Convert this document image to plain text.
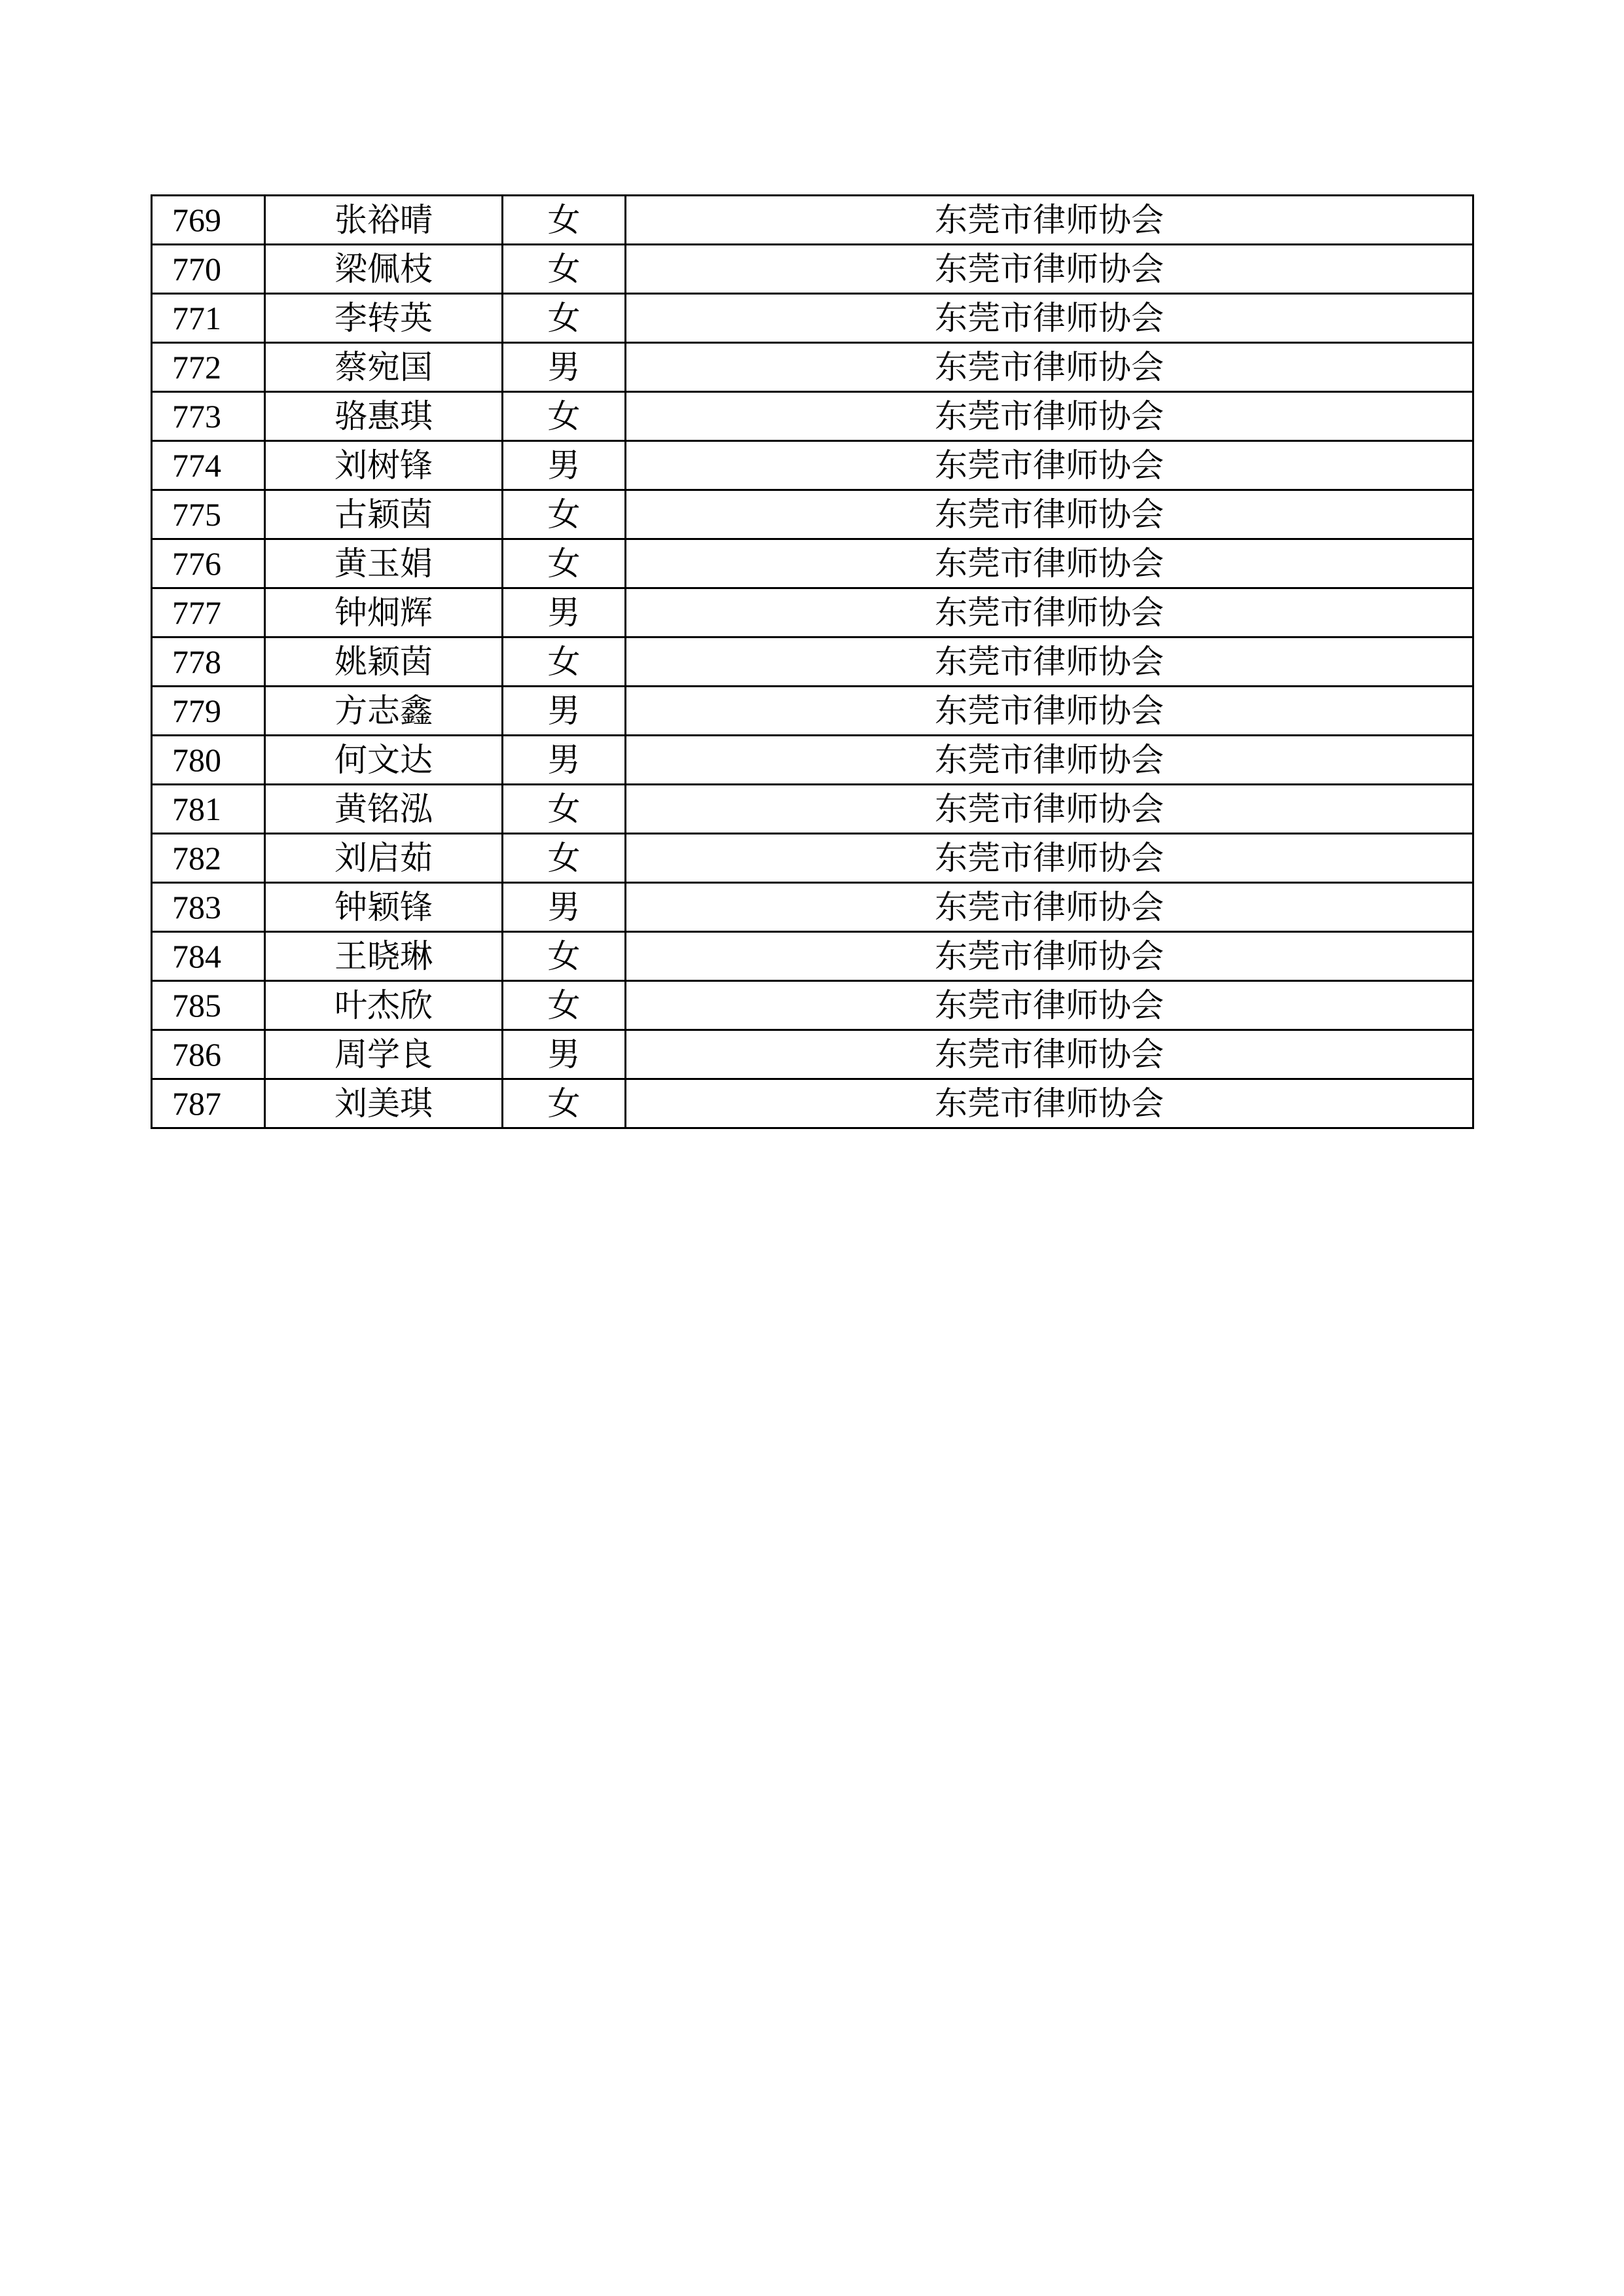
769	张裕晴	女	东莞市律师协会
770	梁佩枝	女	东莞市律师协会
771	李转英	女	东莞市律师协会
772	蔡宛国	男	东莞市律师协会
773	骆惠琪	女	东莞市律师协会
774	刘树锋	男	东莞市律师协会
775	古颖茵	女	东莞市律师协会
776	黄玉娟	女	东莞市律师协会
777	钟炯辉	男	东莞市律师协会
778	姚颖茵	女	东莞市律师协会
779	方志鑫	男	东莞市律师协会
780	何文达	男	东莞市律师协会
781	黄铭泓	女	东莞市律师协会
782	刘启茹	女	东莞市律师协会
783	钟颖锋	男	东莞市律师协会
784	王晓琳	女	东莞市律师协会
785	叶杰欣	女	东莞市律师协会
786	周学良	男	东莞市律师协会
787	刘美琪	女	东莞市律师协会
